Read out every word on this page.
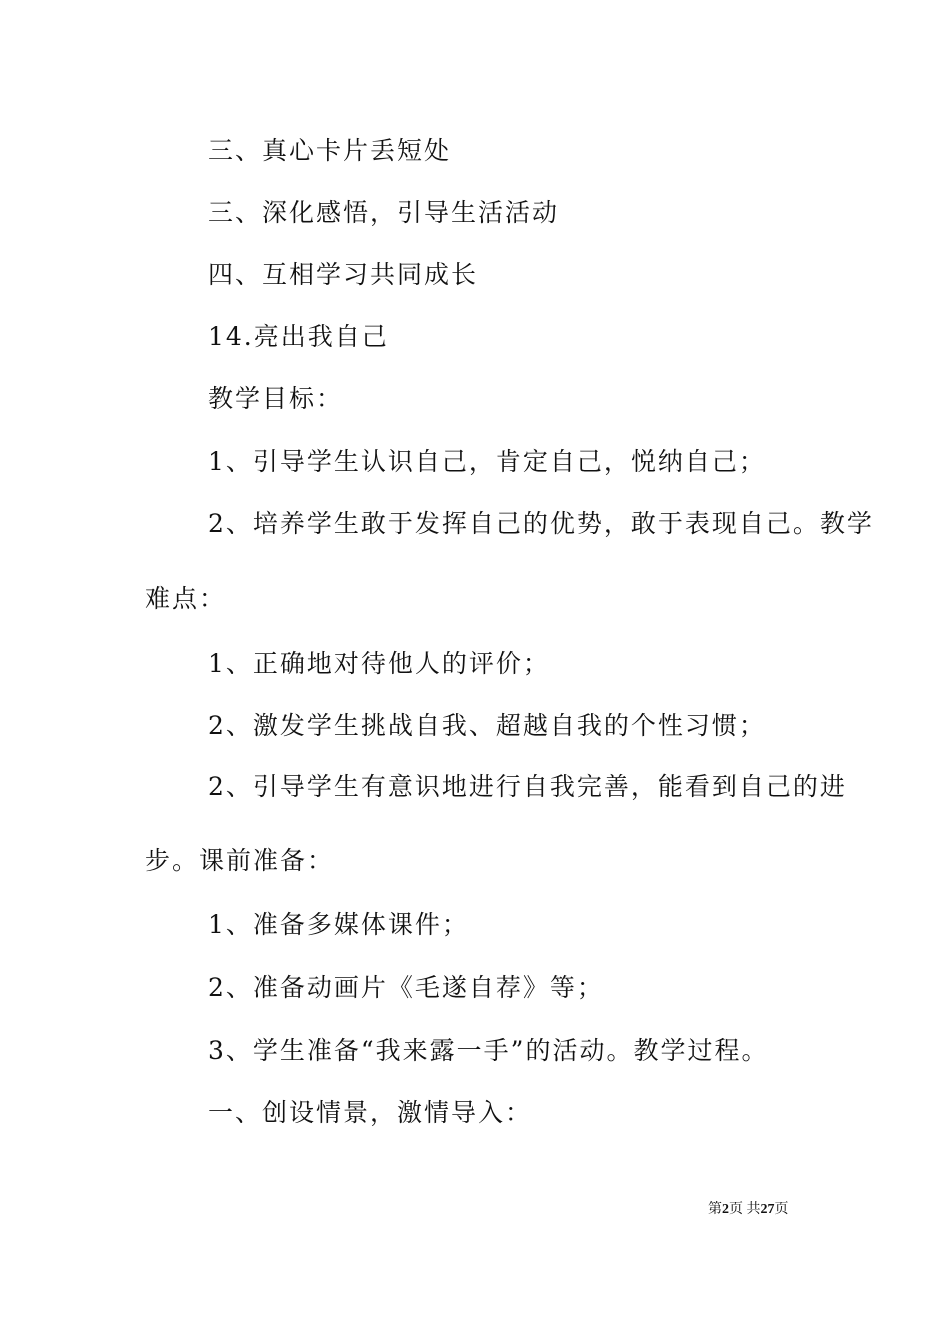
三、真心卡片丢短处
三、深化感悟，引导生活活动
四、互相学习共同成长
14.亮出我自己
教学目标：
1、引导学生认识自己，肯定自己，悦纳自己；
2、培养学生敢于发挥自己的优势，敢于表现自己。教学
难点：
1、正确地对待他人的评价；
2、激发学生挑战自我、超越自我的个性习惯；
2、引导学生有意识地进行自我完善，能看到自己的进
步。课前准备：
1、准备多媒体课件；
2、准备动画片《毛遂自荐》等；
3、学生准备“我来露一手”的活动。教学过程。
一、创设情景，激情导入：
第2页 共27页
